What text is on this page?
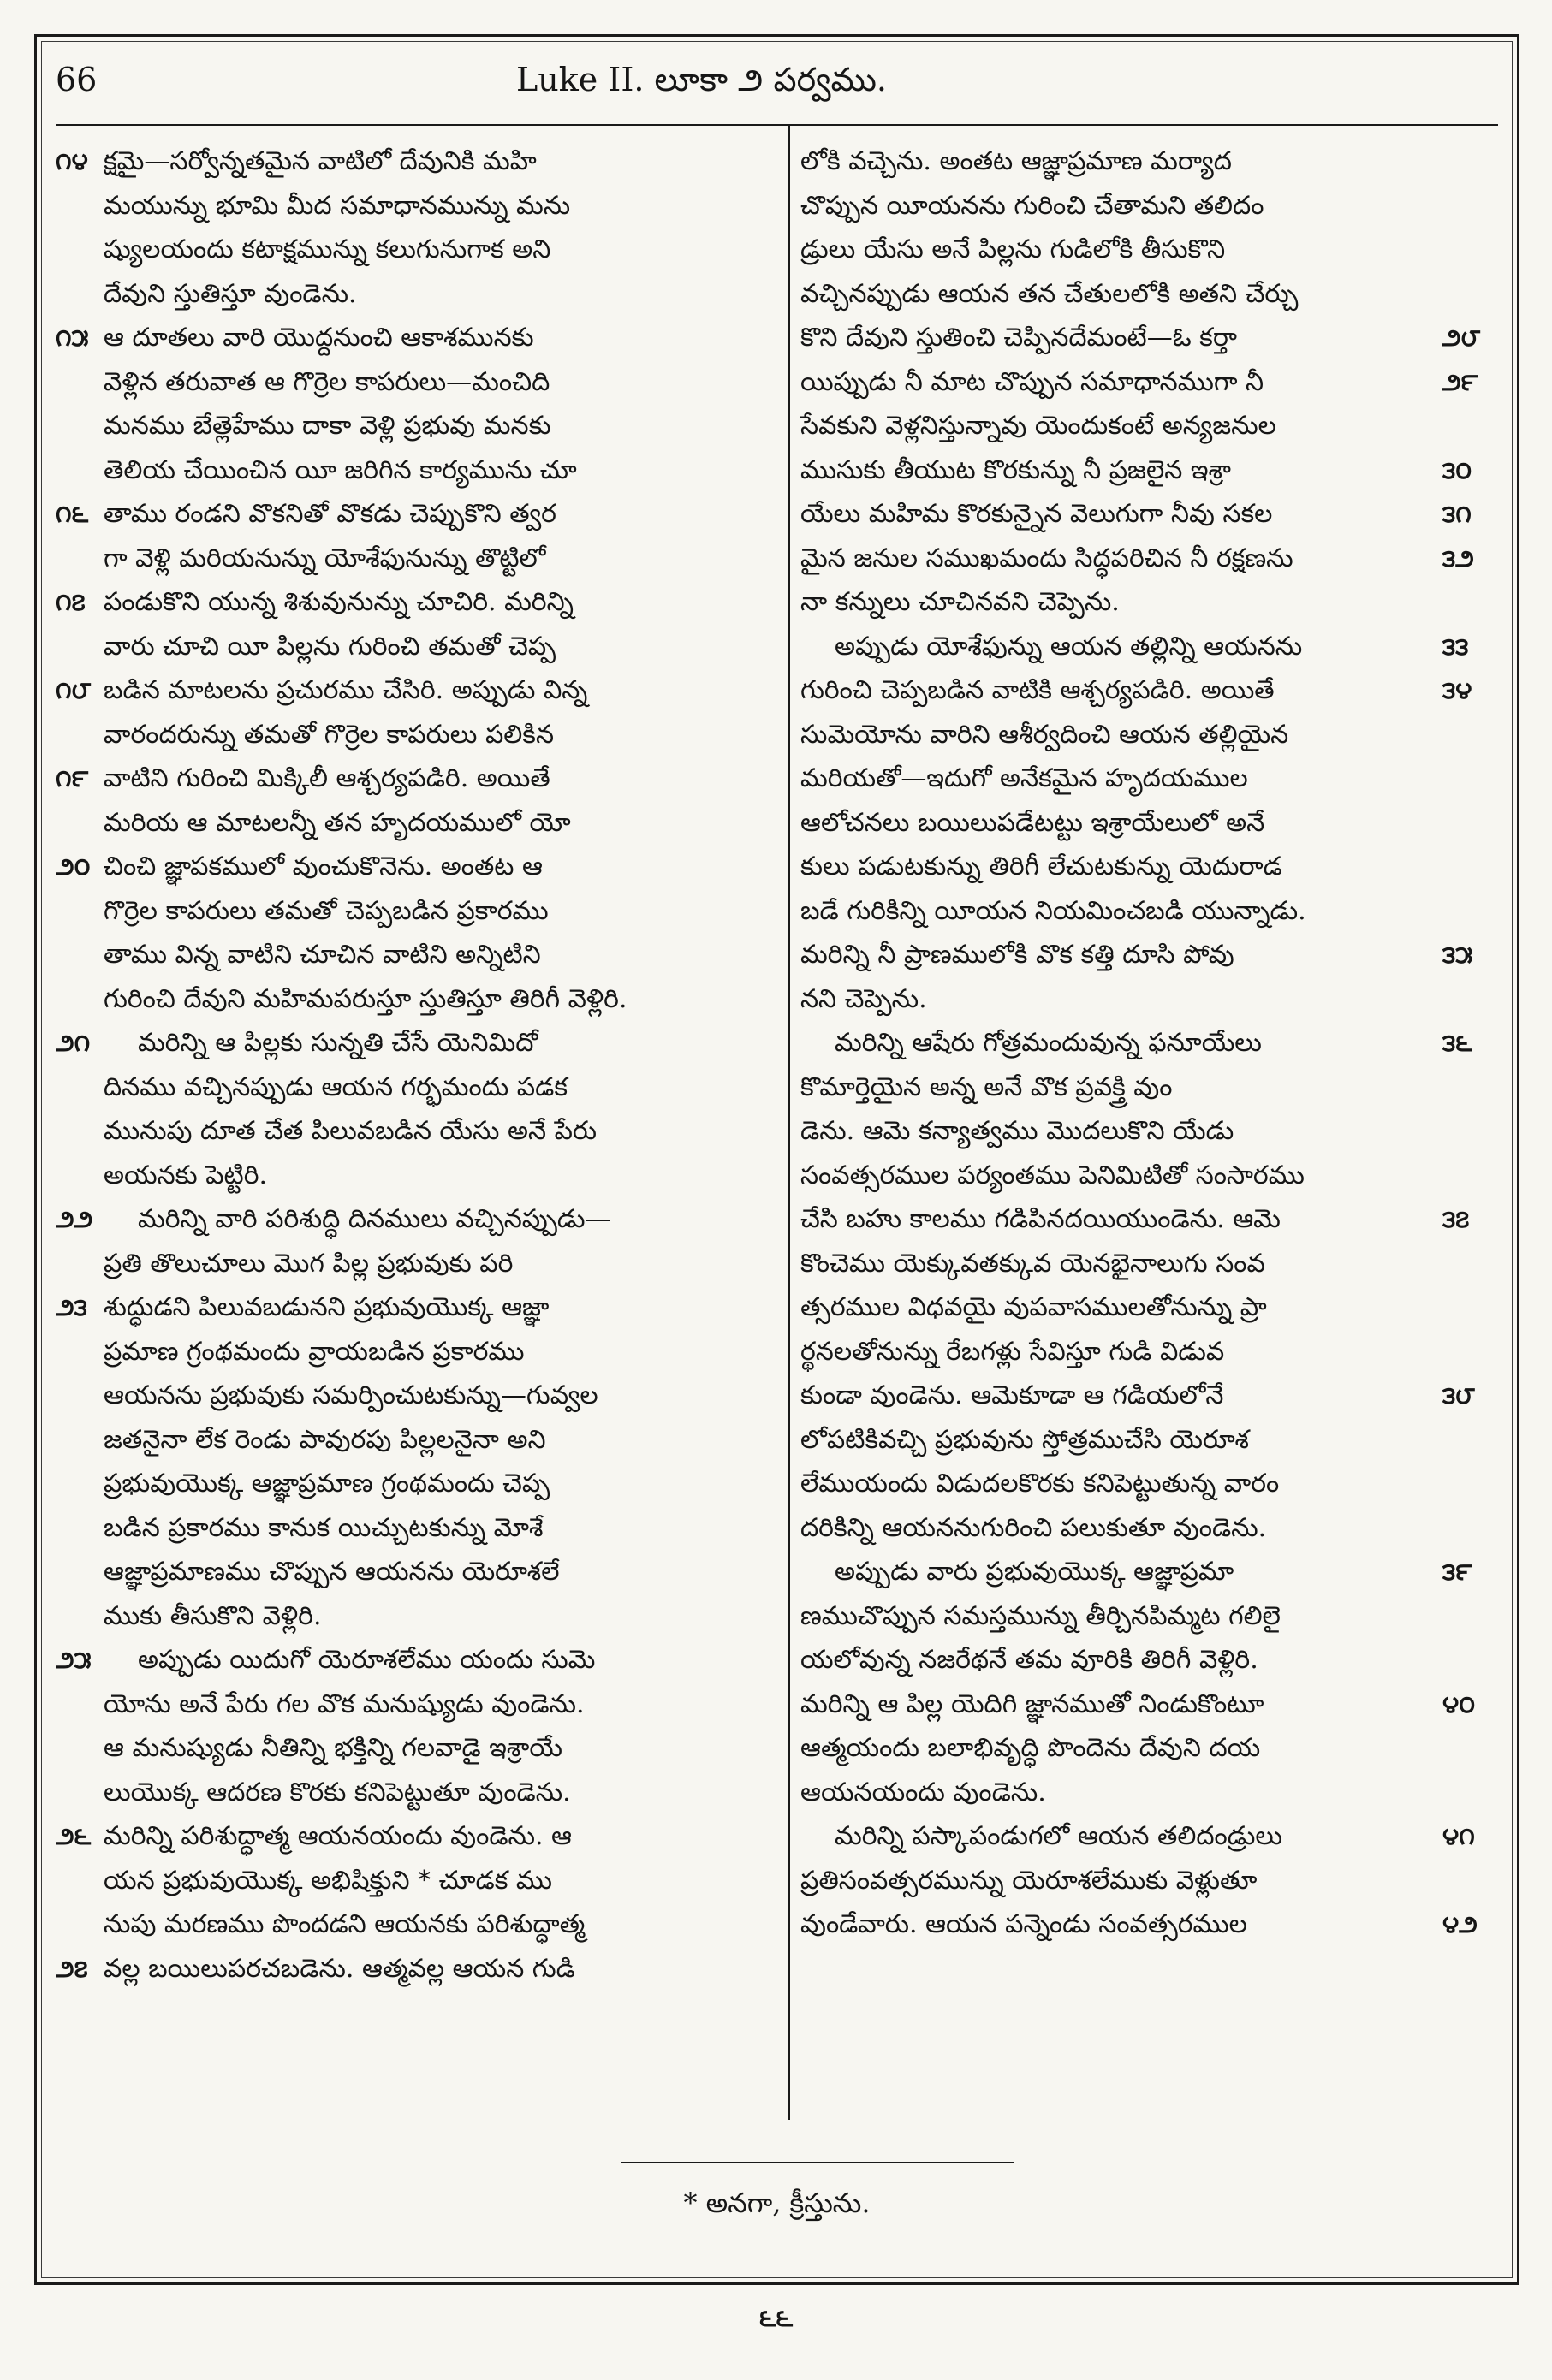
66	Luke II. లూకా ౨ పర్వము.
౧౪ క్షమై—సర్వోన్నతమైన వాటిలో దేవునికి మహి
మయున్ను భూమి మీద సమాధానమున్ను మను
ష్యులయందు కటాక్షమున్ను కలుగునుగాక అని
దేవుని స్తుతిస్తూ వుండెను.
౧౫ ఆ దూతలు వారి యొద్దనుంచి ఆకాశమునకు
వెళ్లిన తరువాత ఆ గొర్రెల కాపరులు—మంచిది
మనము బేత్లెహేము దాకా వెళ్లి ప్రభువు మనకు
తెలియ చేయించిన యీ జరిగిన కార్యమును చూ
౧౬ తాము రండని వొకనితో వొకడు చెప్పుకొని త్వర
గా వెళ్లి మరియనున్ను యోశేఫునున్ను తొట్టిలో
౧౭ పండుకొని యున్న శిశువునున్ను చూచిరి. మరిన్ని
వారు చూచి యీ పిల్లను గురించి తమతో చెప్ప
౧౮ బడిన మాటలను ప్రచురము చేసిరి. అప్పుడు విన్న
వారందరున్ను తమతో గొర్రెల కాపరులు పలికిన
౧౯ వాటిని గురించి మిక్కిలీ ఆశ్చర్యపడిరి. అయితే
మరియ ఆ మాటలన్నీ తన హృదయములో యో
౨౦ చించి జ్ఞాపకములో వుంచుకొనెను. అంతట ఆ
గొర్రెల కాపరులు తమతో చెప్పబడిన ప్రకారము
తాము విన్న వాటిని చూచిన వాటిని అన్నిటిని
గురించి దేవుని మహిమపరుస్తూ స్తుతిస్తూ తిరిగీ వెళ్లిరి.
౨౧	మరిన్ని ఆ పిల్లకు సున్నతి చేసే యెనిమిదో
దినము వచ్చినప్పుడు ఆయన గర్భమందు పడక
మునుపు దూత చేత పిలువబడిన యేసు అనే పేరు
అయనకు పెట్టిరి.
౨౨ మరిన్ని వారి పరిశుద్ధి దినములు వచ్చినప్పుడు—
ప్రతి తొలుచూలు మొగ పిల్ల ప్రభువుకు పరి
౨౩ శుద్ధుడని పిలువబడునని ప్రభువుయొక్క ఆజ్ఞా
ప్రమాణ గ్రంథమందు వ్రాయబడిన ప్రకారము
ఆయనను ప్రభువుకు సమర్పించుటకున్ను—గువ్వల
జతనైనా లేక రెండు పావురపు పిల్లలనైనా అని
ప్రభువుయొక్క ఆజ్ఞాప్రమాణ గ్రంథమందు చెప్ప
బడిన ప్రకారము కానుక యిచ్చుటకున్ను మోశే
ఆజ్ఞాప్రమాణము చొప్పున ఆయనను యెరూశలే
ముకు తీసుకొని వెళ్లిరి.
౨౫	అప్పుడు యిదుగో యెరూశలేము యందు సుమె
యోను అనే పేరు గల వొక మనుష్యుడు వుండెను.
ఆ మనుష్యుడు నీతిన్ని భక్తిన్ని గలవాడై ఇశ్రాయే
లుయొక్క ఆదరణ కొరకు కనిపెట్టుతూ వుండెను.
౨౬ మరిన్ని పరిశుద్ధాత్మ ఆయనయందు వుండెను. ఆ
యన ప్రభువుయొక్క అభిషిక్తుని * చూడక ము
నుపు మరణము పొందడని ఆయనకు పరిశుద్ధాత్మ
౨౭ వల్ల బయిలుపరచబడెను. ఆత్మవల్ల ఆయన గుడి
లోకి వచ్చెను. అంతట ఆజ్ఞాప్రమాణ మర్యాద
చొప్పున యీయనను గురించి చేతామని తలిదం
డ్రులు యేసు అనే పిల్లను గుడిలోకి తీసుకొని
వచ్చినప్పుడు ఆయన తన చేతులలోకి అతని చేర్చు
౨౮
కొని దేవుని స్తుతించి చెప్పినదేమంటే—ఓ కర్తా
౨౯
యిప్పుడు నీ మాట చొప్పున సమాధానముగా నీ
సేవకుని వెళ్లనిస్తున్నావు యెందుకంటే అన్యజనుల
౩౦
ముసుకు తీయుట కొరకున్ను నీ ప్రజలైన ఇశ్రా
౩౧
యేలు మహిమ కొరకున్నైన వెలుగుగా నీవు సకల
౩౨
మైన జనుల సముఖమందు సిద్ధపరిచిన నీ రక్షణను
నా కన్నులు చూచినవని చెప్పెను.
౩౩
అప్పుడు యోశేఫున్ను ఆయన తల్లిన్ని ఆయనను
౩౪
గురించి చెప్పబడిన వాటికి ఆశ్చర్యపడిరి. అయితే
సుమెయోను వారిని ఆశీర్వదించి ఆయన తల్లియైన
మరియతో—ఇదుగో అనేకమైన హృదయముల
ఆలోచనలు బయిలుపడేటట్టు ఇశ్రాయేలులో అనే
కులు పడుటకున్ను తిరిగీ లేచుటకున్ను యెదురాడ
బడే గురికిన్ని యీయన నియమించబడి యున్నాడు.
౩౫
మరిన్ని నీ ప్రాణములోకి వొక కత్తి దూసి పోవు
నని చెప్పెను.
౩౬
మరిన్ని ఆషేరు గోత్రమందువున్న ఫనూయేలు
కొమార్తెయైన అన్న అనే వొక ప్రవక్త్రి వుం
డెను. ఆమె కన్యాత్వము మొదలుకొని యేడు
సంవత్సరముల పర్యంతము పెనిమిటితో సంసారము
౩౭
చేసి బహు కాలము గడిపినదయియుండెను. ఆమె
కొంచెము యెక్కువతక్కువ యెనభైనాలుగు సంవ
త్సరముల విధవయై వుపవాసములతోనున్ను ప్రా
ర్థనలతోనున్ను రేబగళ్లు సేవిస్తూ గుడి విడువ
౩౮
కుండా వుండెను. ఆమెకూడా ఆ గడియలోనే
లోపటికివచ్చి ప్రభువును స్తోత్రముచేసి యెరూశ
లేముయందు విడుదలకొరకు కనిపెట్టుతున్న వారం
దరికిన్ని ఆయననుగురించి పలుకుతూ వుండెను.
౩౯
అప్పుడు వారు ప్రభువుయొక్క ఆజ్ఞాప్రమా
ణముచొప్పున సమస్తమున్ను తీర్చినపిమ్మట గలిలై
యలోవున్న నజరేథనే తమ వూరికి తిరిగీ వెళ్లిరి.
౪౦
మరిన్ని ఆ పిల్ల యెదిగి జ్ఞానముతో నిండుకొంటూ
ఆత్మయందు బలాభివృద్ధి పొందెను దేవుని దయ
ఆయనయందు వుండెను.
౪౧
మరిన్ని పస్కాపండుగలో ఆయన తలిదండ్రులు
ప్రతిసంవత్సరమున్ను యెరూశలేముకు వెళ్లుతూ
౪౨
వుండేవారు. ఆయన పన్నెండు సంవత్సరముల
* అనగా, క్రీస్తును.
౬౬
